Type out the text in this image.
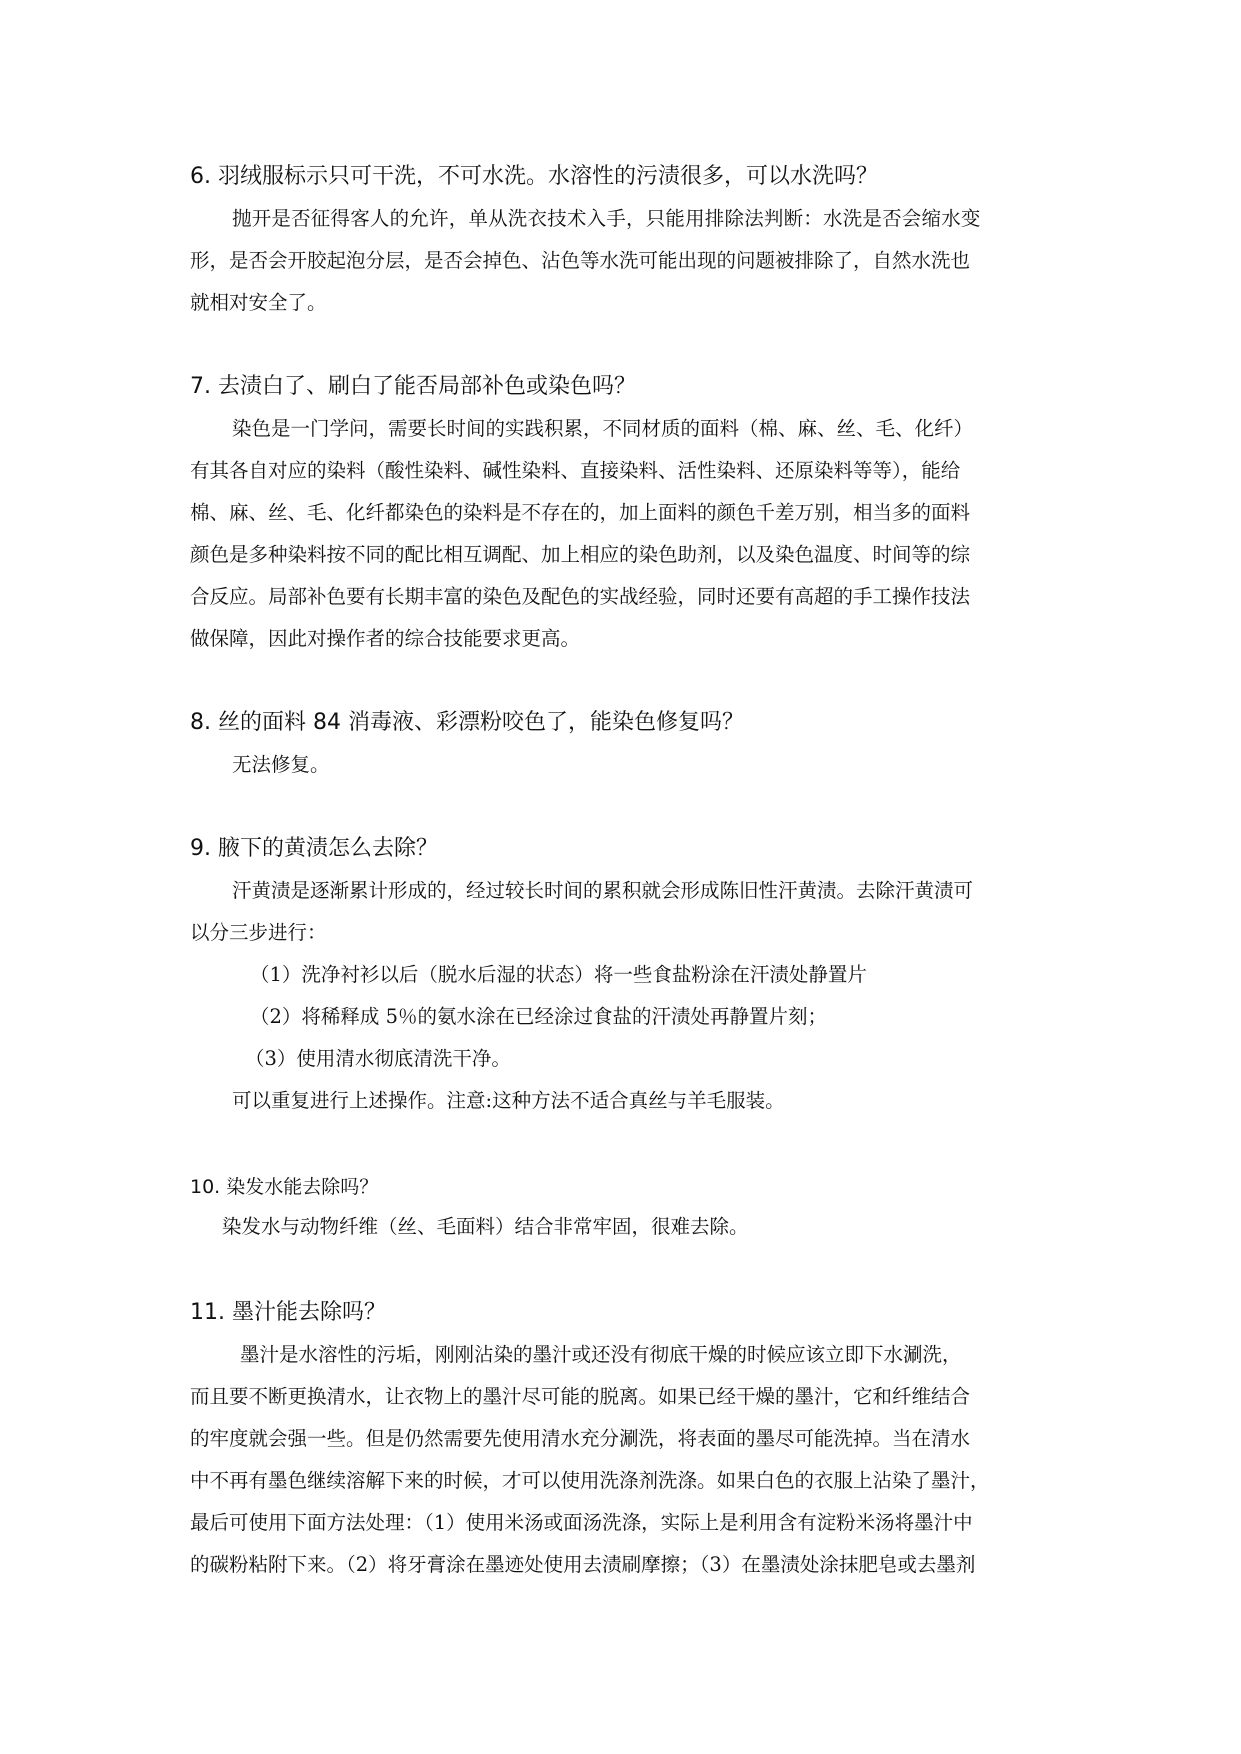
6. 羽绒服标示只可干洗，不可水洗。水溶性的污渍很多，可以水洗吗？
抛开是否征得客人的允许，单从洗衣技术入手，只能用排除法判断：水洗是否会缩水变
形，是否会开胶起泡分层，是否会掉色、沾色等水洗可能出现的问题被排除了，自然水洗也
就相对安全了。
7. 去渍白了、刷白了能否局部补色或染色吗？
染色是一门学问，需要长时间的实践积累，不同材质的面料（棉、麻、丝、毛、化纤）
有其各自对应的染料（酸性染料、碱性染料、直接染料、活性染料、还原染料等等），能给
棉、麻、丝、毛、化纤都染色的染料是不存在的，加上面料的颜色千差万别，相当多的面料
颜色是多种染料按不同的配比相互调配、加上相应的染色助剂，以及染色温度、时间等的综
合反应。局部补色要有长期丰富的染色及配色的实战经验，同时还要有高超的手工操作技法
做保障，因此对操作者的综合技能要求更高。
8. 丝的面料 84 消毒液、彩漂粉咬色了，能染色修复吗？
无法修复。
9. 腋下的黄渍怎么去除？
汗黄渍是逐渐累计形成的，经过较长时间的累积就会形成陈旧性汗黄渍。去除汗黄渍可
以分三步进行：
（1）洗净衬衫以后（脱水后湿的状态）将一些食盐粉涂在汗渍处静置片
（2）将稀释成 5％的氨水涂在已经涂过食盐的汗渍处再静置片刻；
（3）使用清水彻底清洗干净。
可以重复进行上述操作。注意:这种方法不适合真丝与羊毛服装。
10. 染发水能去除吗？
染发水与动物纤维（丝、毛面料）结合非常牢固，很难去除。
11. 墨汁能去除吗？
墨汁是水溶性的污垢，刚刚沾染的墨汁或还没有彻底干燥的时候应该立即下水涮洗，
而且要不断更换清水，让衣物上的墨汁尽可能的脱离。如果已经干燥的墨汁，它和纤维结合
的牢度就会强一些。但是仍然需要先使用清水充分涮洗，将表面的墨尽可能洗掉。当在清水
中不再有墨色继续溶解下来的时候，才可以使用洗涤剂洗涤。如果白色的衣服上沾染了墨汁，
最后可使用下面方法处理：（1）使用米汤或面汤洗涤，实际上是利用含有淀粉米汤将墨汁中
的碳粉粘附下来。（2）将牙膏涂在墨迹处使用去渍刷摩擦；（3）在墨渍处涂抹肥皂或去墨剂
